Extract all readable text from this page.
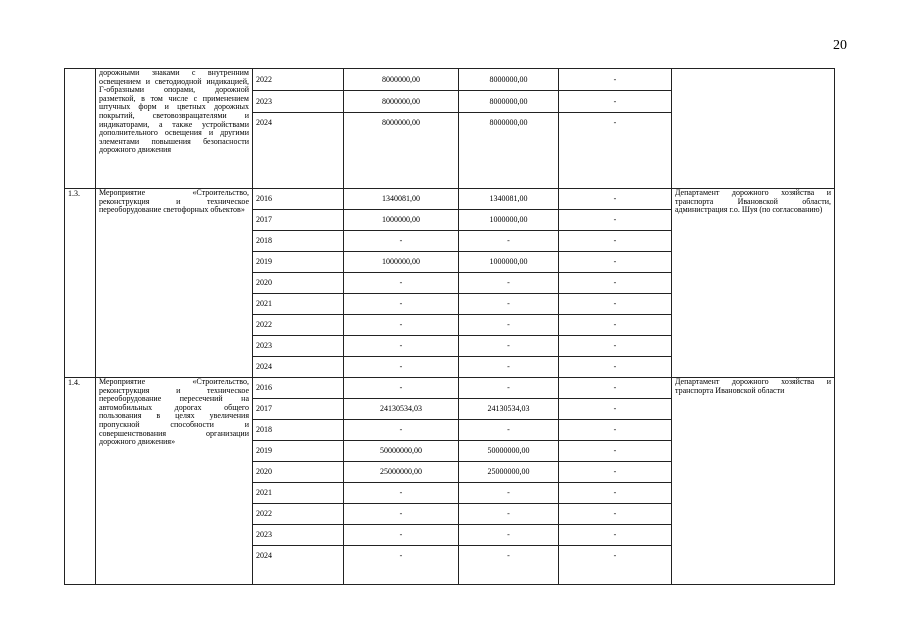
20
	дорожными знаками с внутренним освещением и светодиодной индикацией, Г-образными опорами, дорожной разметкой, в том числе с применением штучных форм и цветных дорожных покрытий, световозвращателями и индикаторами, а также устройствами дополнительного освещения и другими элементами повышения безопасности дорожного движения	2022	8000000,00	8000000,00	-	
		2023	8000000,00	8000000,00	-	
		2024	8000000,00	8000000,00	-	
1.3.	Мероприятие «Строительство, реконструкция и техническое переоборудование светофорных объектов»	2016	1340081,00	1340081,00	-	Департамент дорожного хозяйства и транспорта Ивановской области, администрация г.о. Шуя (по согласованию)
		2017	1000000,00	1000000,00	-	
		2018	-	-	-	
		2019	1000000,00	1000000,00	-	
		2020	-	-	-	
		2021	-	-	-	
		2022	-	-	-	
		2023	-	-	-	
		2024	-	-	-	
1.4.	Мероприятие «Строительство, реконструкция и техническое переоборудование пересечений на автомобильных дорогах общего пользования в целях увеличения пропускной способности и совершенствования организации дорожного движения»	2016	-	-	-	Департамент дорожного хозяйства и транспорта Ивановской области
		2017	24130534,03	24130534,03	-	
		2018	-	-	-	
		2019	50000000,00	50000000,00	-	
		2020	25000000,00	25000000,00	-	
		2021	-	-	-	
		2022	-	-	-	
		2023	-	-	-	
		2024	-	-	-	
